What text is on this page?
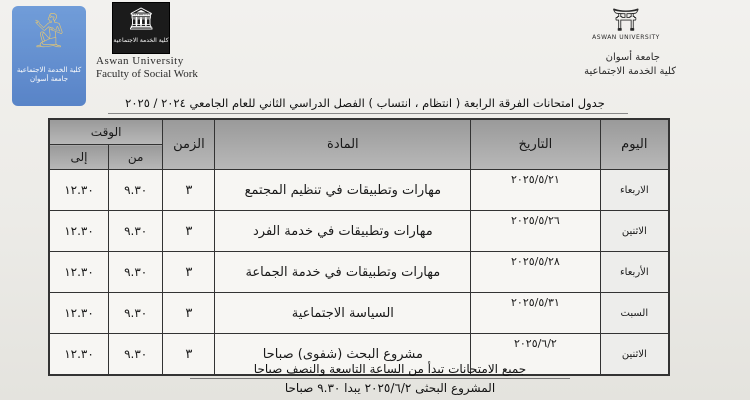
𓀀
كلية الخدمة الاجتماعية جامعة أسوان
🏛
كلية الخدمة الاجتماعية
Aswan University
Faculty of Social Work
⛩
ASWAN UNIVERSITY
جامعة أسوان
كلية الخدمة الاجتماعية
جدول امتحانات الفرقة الرابعة ( انتظام ، انتساب ) الفصل الدراسي الثاني للعام الجامعي ٢٠٢٤ / ٢٠٢٥
اليوم	التاريخ	المادة	الزمن	الوقت	
				من	إلى
الاربعاء	٢٠٢٥/٥/٢١	مهارات وتطبيقات في تنظيم المجتمع	٣	٩.٣٠	١٢.٣٠
الاثنين	٢٠٢٥/٥/٢٦	مهارات وتطبيقات في خدمة الفرد	٣	٩.٣٠	١٢.٣٠
الأربعاء	٢٠٢٥/٥/٢٨	مهارات وتطبيقات في خدمة الجماعة	٣	٩.٣٠	١٢.٣٠
السبت	٢٠٢٥/٥/٣١	السياسة الاجتماعية	٣	٩.٣٠	١٢.٣٠
الاثنين	٢٠٢٥/٦/٢	مشروع البحث (شفوى) صباحا	٣	٩.٣٠	١٢.٣٠
جميع الامتحانات تبدأ من الساعة التاسعة والنصف صباحا
المشروع البحثى ٢٠٢٥/٦/٢ يبدا ٩.٣٠ صباحا
